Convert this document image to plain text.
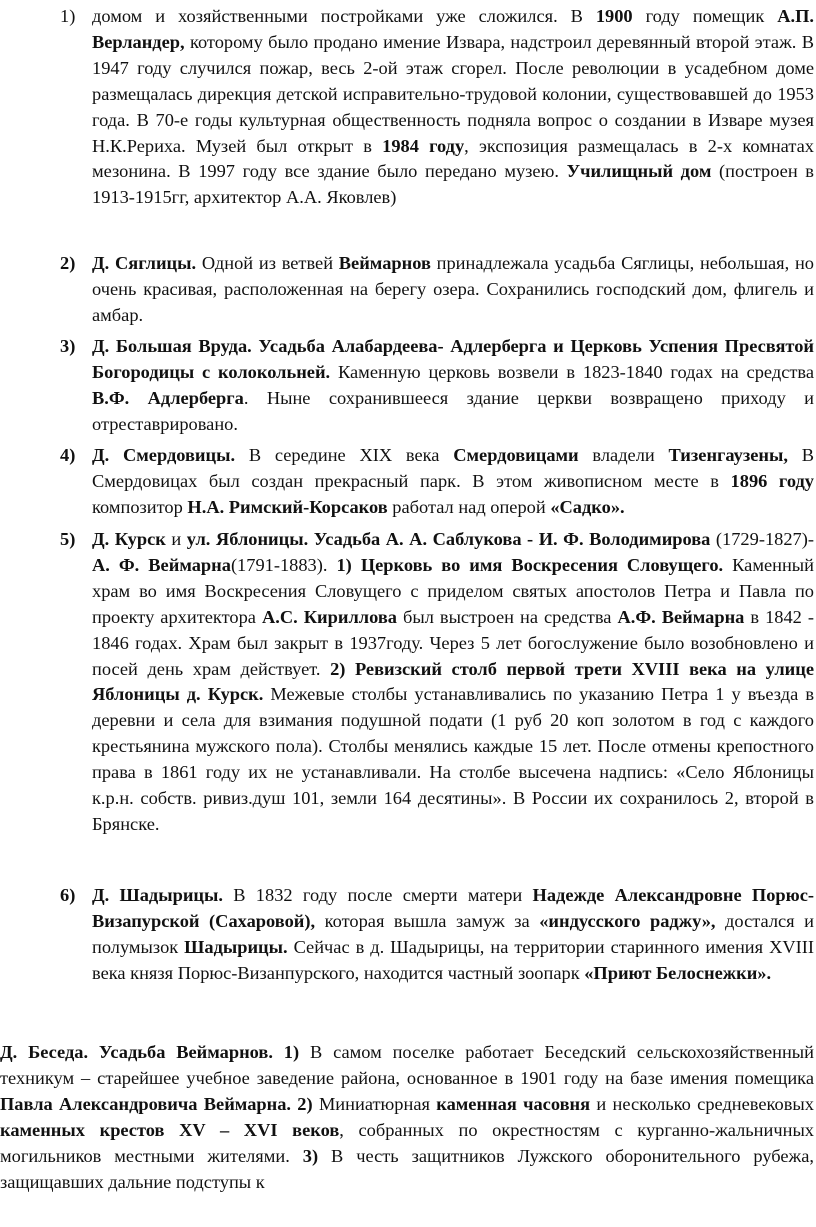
1) домом и хозяйственными постройками уже сложился. В 1900 году помещик А.П. Верландер, которому было продано имение Извара, надстроил деревянный второй этаж. В 1947 году случился пожар, весь 2-ой этаж сгорел. После революции в усадебном доме размещалась дирекция детской исправительно-трудовой колонии, существовавшей до 1953 года. В 70-е годы культурная общественность подняла вопрос о создании в Изваре музея Н.К.Рериха. Музей был открыт в 1984 году, экспозиция размещалась в 2-х комнатах мезонина. В 1997 году все здание было передано музею. Училищный дом (построен в 1913-1915гг, архитектор А.А. Яковлев)
2) Д. Сяглицы. Одной из ветвей Веймарнов принадлежала усадьба Сяглицы, небольшая, но очень красивая, расположенная на берегу озера. Сохранились господский дом, флигель и амбар.
3) Д. Большая Вруда. Усадьба Алабардеева- Адлерберга и Церковь Успения Пресвятой Богородицы с колокольней. Каменную церковь возвели в 1823-1840 годах на средства В.Ф. Адлерберга. Ныне сохранившееся здание церкви возвращено приходу и отреставрировано.
4) Д. Смердовицы. В середине XIX века Смердовицами владели Тизенгаузены, В Смердовицах был создан прекрасный парк. В этом живописном месте в 1896 году композитор Н.А. Римский-Корсаков работал над оперой «Садко».
5) Д. Курск и ул. Яблоницы. Усадьба А. А. Саблукова - И. Ф. Володимирова (1729-1827)- А. Ф. Веймарна(1791-1883). 1) Церковь во имя Воскресения Словущего. Каменный храм во имя Воскресения Словущего с приделом святых апостолов Петра и Павла по проекту архитектора А.С. Кириллова был выстроен на средства А.Ф. Веймарна в 1842 - 1846 годах. Храм был закрыт в 1937году. Через 5 лет богослужение было возобновлено и посей день храм действует. 2) Ревизский столб первой трети XVIII века на улице Яблоницы д. Курск. Межевые столбы устанавливались по указанию Петра 1 у въезда в деревни и села для взимания подушной подати (1 руб 20 коп золотом в год с каждого крестьянина мужского пола). Столбы менялись каждые 15 лет. После отмены крепостного права в 1861 году их не устанавливали. На столбе высечена надпись: «Село Яблоницы к.р.н. собств. ривиз.душ 101, земли 164 десятины». В России их сохранилось 2, второй в Брянске.
6) Д. Шадырицы. В 1832 году после смерти матери Надежде Александровне Порюс-Визапурской (Сахаровой), которая вышла замуж за «индусского раджу», достался и полумызок Шадырицы. Сейчас в д. Шадырицы, на территории старинного имения XVIII века князя Порюс-Визанпурского, находится частный зоопарк «Приют Белоснежки».
Д. Беседа. Усадьба Веймарнов. 1) В самом поселке работает Беседский сельскохозяйственный техникум – старейшее учебное заведение района, основанное в 1901 году на базе имения помещика Павла Александровича Веймарна. 2) Миниатюрная каменная часовня и несколько средневековых каменных крестов XV – XVI веков, собранных по окрестностям с курганно-жальничных могильников местными жителями. 3) В честь защитников Лужского оборонительного рубежа, защищавших дальние подступы к
